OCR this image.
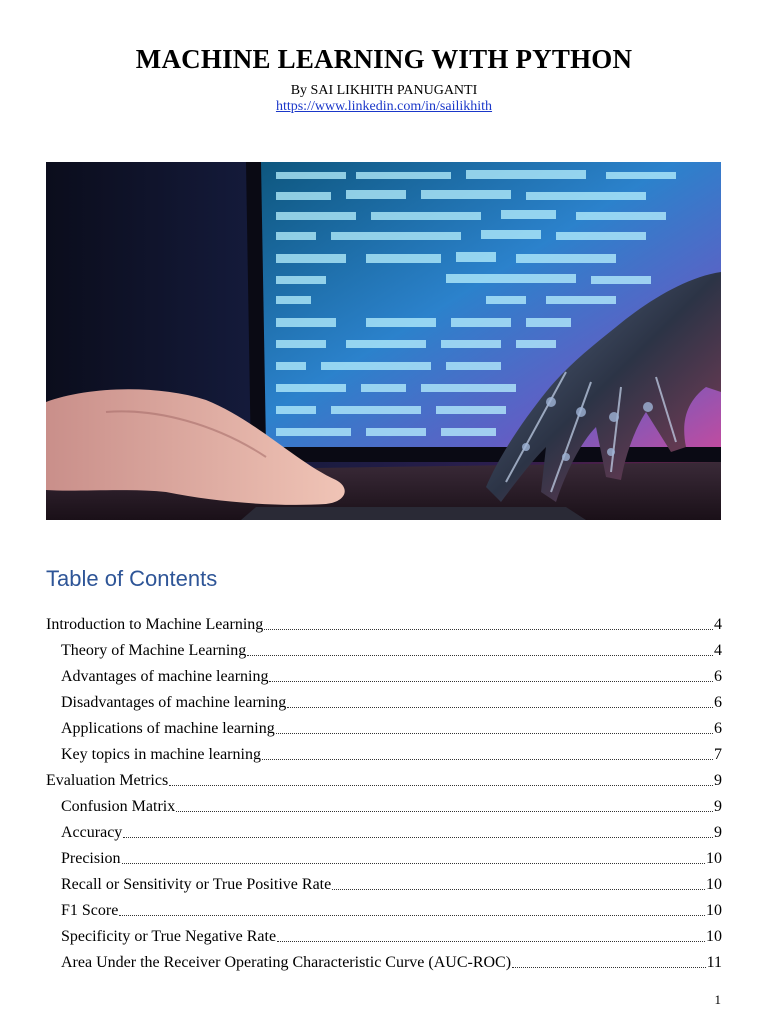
MACHINE LEARNING WITH PYTHON
By SAI LIKHITH PANUGANTI
https://www.linkedin.com/in/sailikhith
Table of Contents
Introduction to Machine Learning	4
Theory of Machine Learning	4
Advantages of machine learning	6
Disadvantages of machine learning	6
Applications of machine learning	6
Key topics in machine learning	7
Evaluation Metrics	9
Confusion Matrix	9
Accuracy	9
Precision	10
Recall or Sensitivity or True Positive Rate	10
F1 Score	10
Specificity or True Negative Rate	10
Area Under the Receiver Operating Characteristic Curve (AUC-ROC)	11
1
